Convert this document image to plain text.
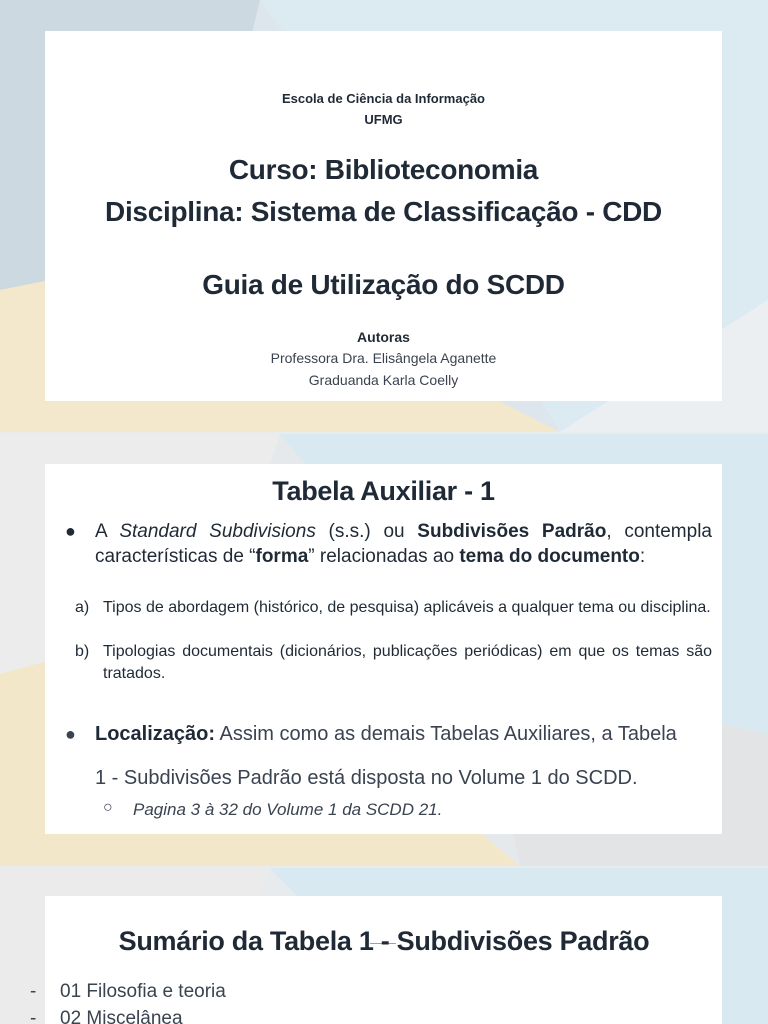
Escola de Ciência da Informação
UFMG
Curso: Biblioteconomia
Disciplina: Sistema de Classificação - CDD
Guia de Utilização do SCDD
Autoras
Professora Dra. Elisângela Aganette
Graduanda Karla Coelly
Tabela Auxiliar - 1
● A Standard Subdivisions (s.s.) ou Subdivisões Padrão, contempla características de “forma” relacionadas ao tema do documento:
a) Tipos de abordagem (histórico, de pesquisa) aplicáveis a qualquer tema ou disciplina.
b) Tipologias documentais (dicionários, publicações periódicas) em que os temas são tratados.
● Localização: Assim como as demais Tabelas Auxiliares, a Tabela 1 - Subdivisões Padrão está disposta no Volume 1 do SCDD.
○ Pagina 3 à 32 do Volume 1 da SCDD 21.
Sumário da Tabela 1 - Subdivisões Padrão
- 01 Filosofia e teoria
- 02 Miscelânea
